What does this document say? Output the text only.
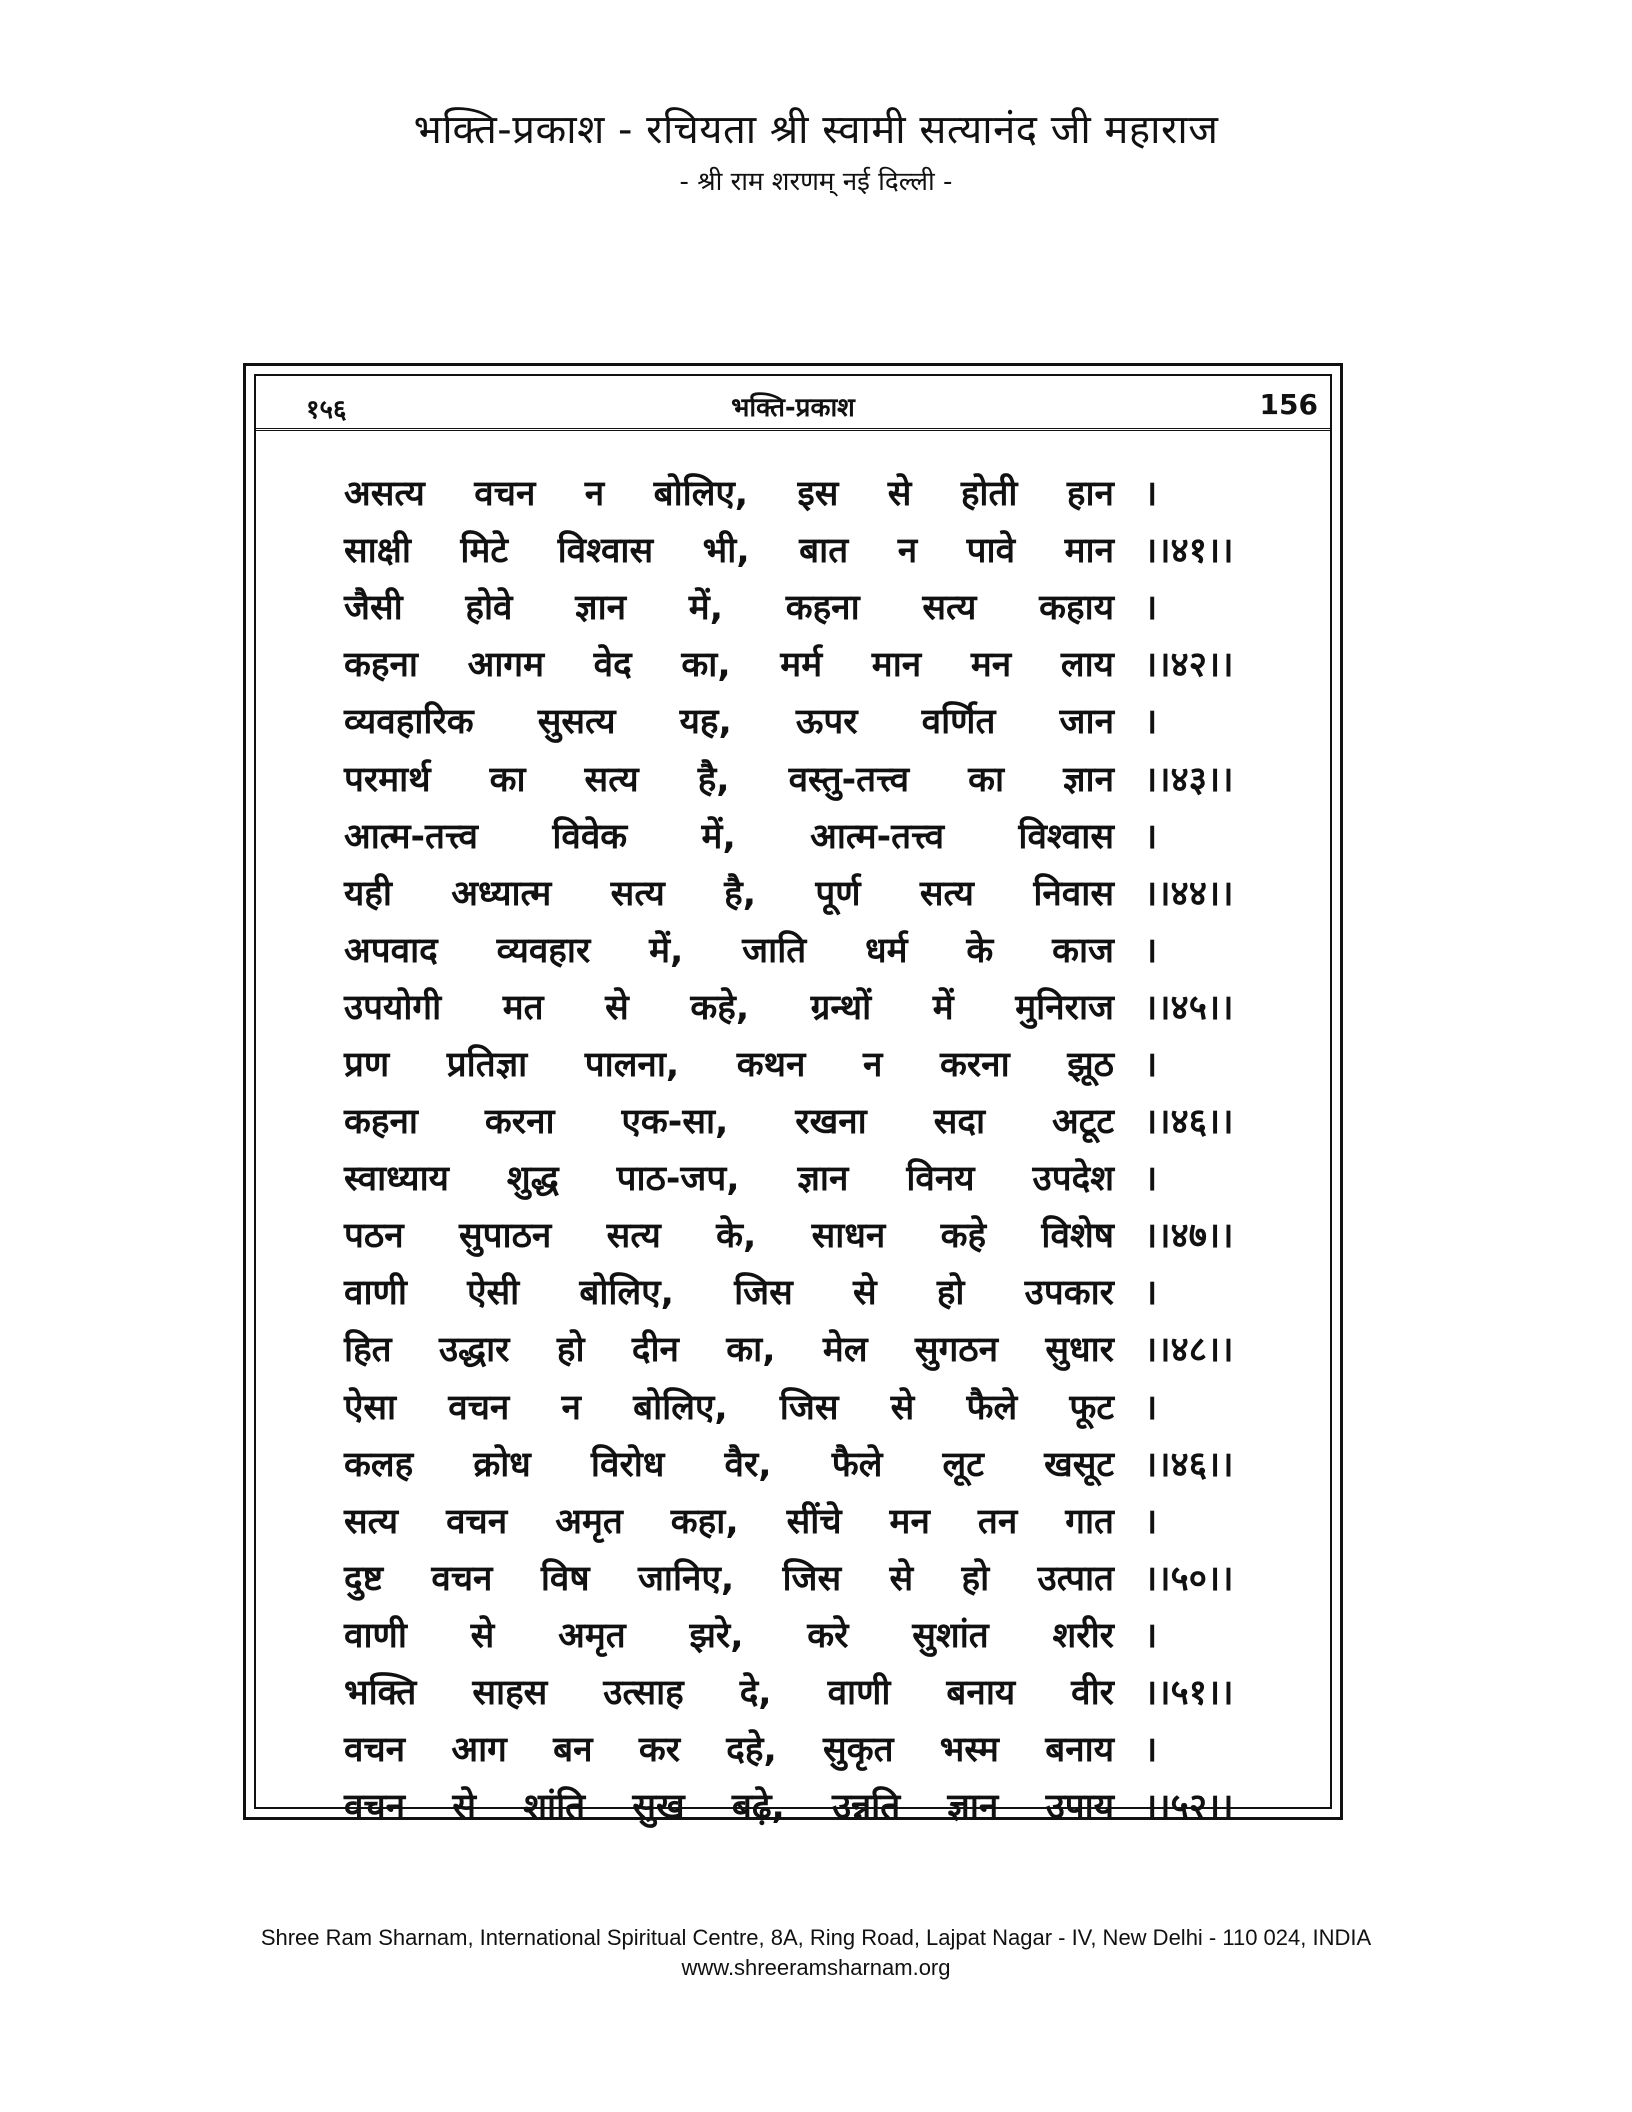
भक्ति-प्रकाश - रचियता श्री स्वामी सत्यानंद जी महाराज
- श्री राम शरणम् नई दिल्ली -
१५६	भक्ति-प्रकाश	156
असत्य वचन न बोलिए, इस से होती हान ।
साक्षी मिटे विश्वास भी, बात न पावे मान ।।४१।।
जैसी होवे ज्ञान में, कहना सत्य कहाय ।
कहना आगम वेद का, मर्म मान मन लाय ।।४२।।
व्यवहारिक सुसत्य यह, ऊपर वर्णित जान ।
परमार्थ का सत्य है, वस्तु-तत्त्व का ज्ञान ।।४३।।
आत्म-तत्त्व विवेक में, आत्म-तत्त्व विश्वास ।
यही अध्यात्म सत्य है, पूर्ण सत्य निवास ।।४४।।
अपवाद व्यवहार में, जाति धर्म के काज ।
उपयोगी मत से कहे, ग्रन्थों में मुनिराज ।।४५।।
प्रण प्रतिज्ञा पालना, कथन न करना झूठ ।
कहना करना एक-सा, रखना सदा अटूट ।।४६।।
स्वाध्याय शुद्ध पाठ-जप, ज्ञान विनय उपदेश ।
पठन सुपाठन सत्य के, साधन कहे विशेष ।।४७।।
वाणी ऐसी बोलिए, जिस से हो उपकार ।
हित उद्धार हो दीन का, मेल सुगठन सुधार ।।४८।।
ऐसा वचन न बोलिए, जिस से फैले फूट ।
कलह क्रोध विरोध वैर, फैले लूट खसूट ।।४६।।
सत्य वचन अमृत कहा, सींचे मन तन गात ।
दुष्ट वचन विष जानिए, जिस से हो उत्पात ।।५०।।
वाणी से अमृत झरे, करे सुशांत शरीर ।
भक्ति साहस उत्साह दे, वाणी बनाय वीर ।।५१।।
वचन आग बन कर दहे, सुकृत भस्म बनाय ।
वचन से शांति सुख बढ़े, उन्नति ज्ञान उपाय ।।५२।।
Shree Ram Sharnam, International Spiritual Centre, 8A, Ring Road, Lajpat Nagar - IV, New Delhi - 110 024, INDIA
www.shreeramsharnam.org
